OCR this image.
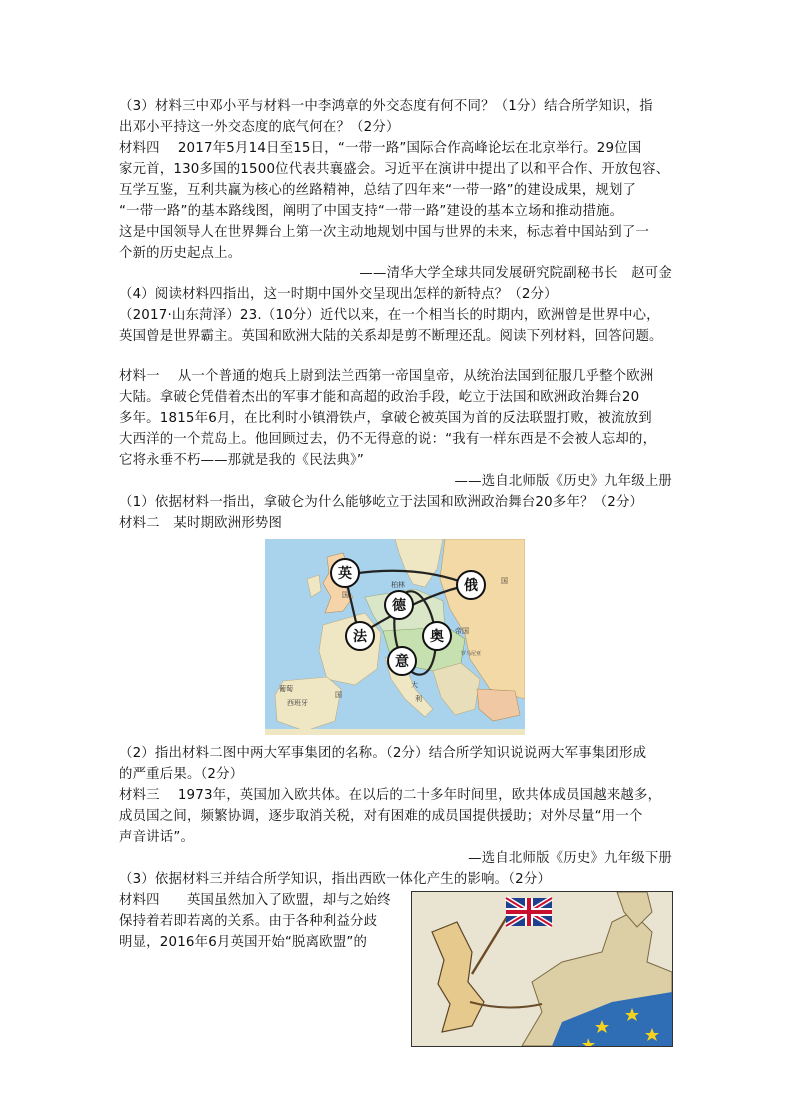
（3）材料三中邓小平与材料一中李鸿章的外交态度有何不同？（1分）结合所学知识，指
出邓小平持这一外交态度的底气何在？（2分）
材料四　 2017年5月14日至15日，“一带一路”国际合作高峰论坛在北京举行。29位国
家元首，130多国的1500位代表共襄盛会。习近平在演讲中提出了以和平合作、开放包容、
互学互鉴，互利共赢为核心的丝路精神，总结了四年来“一带一路”的建设成果，规划了
“一带一路”的基本路线图，阐明了中国支持“一带一路”建设的基本立场和推动措施。
这是中国领导人在世界舞台上第一次主动地规划中国与世界的未来，标志着中国站到了一
个新的历史起点上。
——清华大学全球共同发展研究院副秘书长　赵可金
（4）阅读材料四指出，这一时期中国外交呈现出怎样的新特点？（2分）
（2017·山东菏泽）23.（10分）近代以来，在一个相当长的时期内，欧洲曾是世界中心，
英国曾是世界霸主。英国和欧洲大陆的关系却是剪不断理还乱。阅读下列材料，回答问题。
材料一　 从一个普通的炮兵上尉到法兰西第一帝国皇帝，从统治法国到征服几乎整个欧洲
大陆。拿破仑凭借着杰出的军事才能和高超的政治手段，屹立于法国和欧洲政治舞台20
多年。1815年6月，在比利时小镇滑铁卢，拿破仑被英国为首的反法联盟打败，被流放到
大西洋的一个荒岛上。他回顾过去，仍不无得意的说：“我有一样东西是不会被人忘却的，
它将永垂不朽——那就是我的《民法典》”
——选自北师版《历史》九年级上册
（1）依据材料一指出，拿破仑为什么能够屹立于法国和欧洲政治舞台20多年？（2分）
材料二　某时期欧洲形势图
英
俄
德
法	奥
意
国
柏林	国
帝国
罗马尼亚
西班牙
葡萄	大
利
国
（2）指出材料二图中两大军事集团的名称。（2分）结合所学知识说说两大军事集团形成
的严重后果。（2分）
材料三　 1973年，英国加入欧共体。在以后的二十多年时间里，欧共体成员国越来越多，
成员国之间，频繁协调，逐步取消关税，对有困难的成员国提供援助；对外尽量“用一个
声音讲话”。
—选自北师版《历史》九年级下册
（3）依据材料三并结合所学知识，指出西欧一体化产生的影响。（2分）
材料四　　英国虽然加入了欧盟，却与之始终
保持着若即若离的关系。由于各种利益分歧
明显，2016年6月英国开始“脱离欧盟”的
